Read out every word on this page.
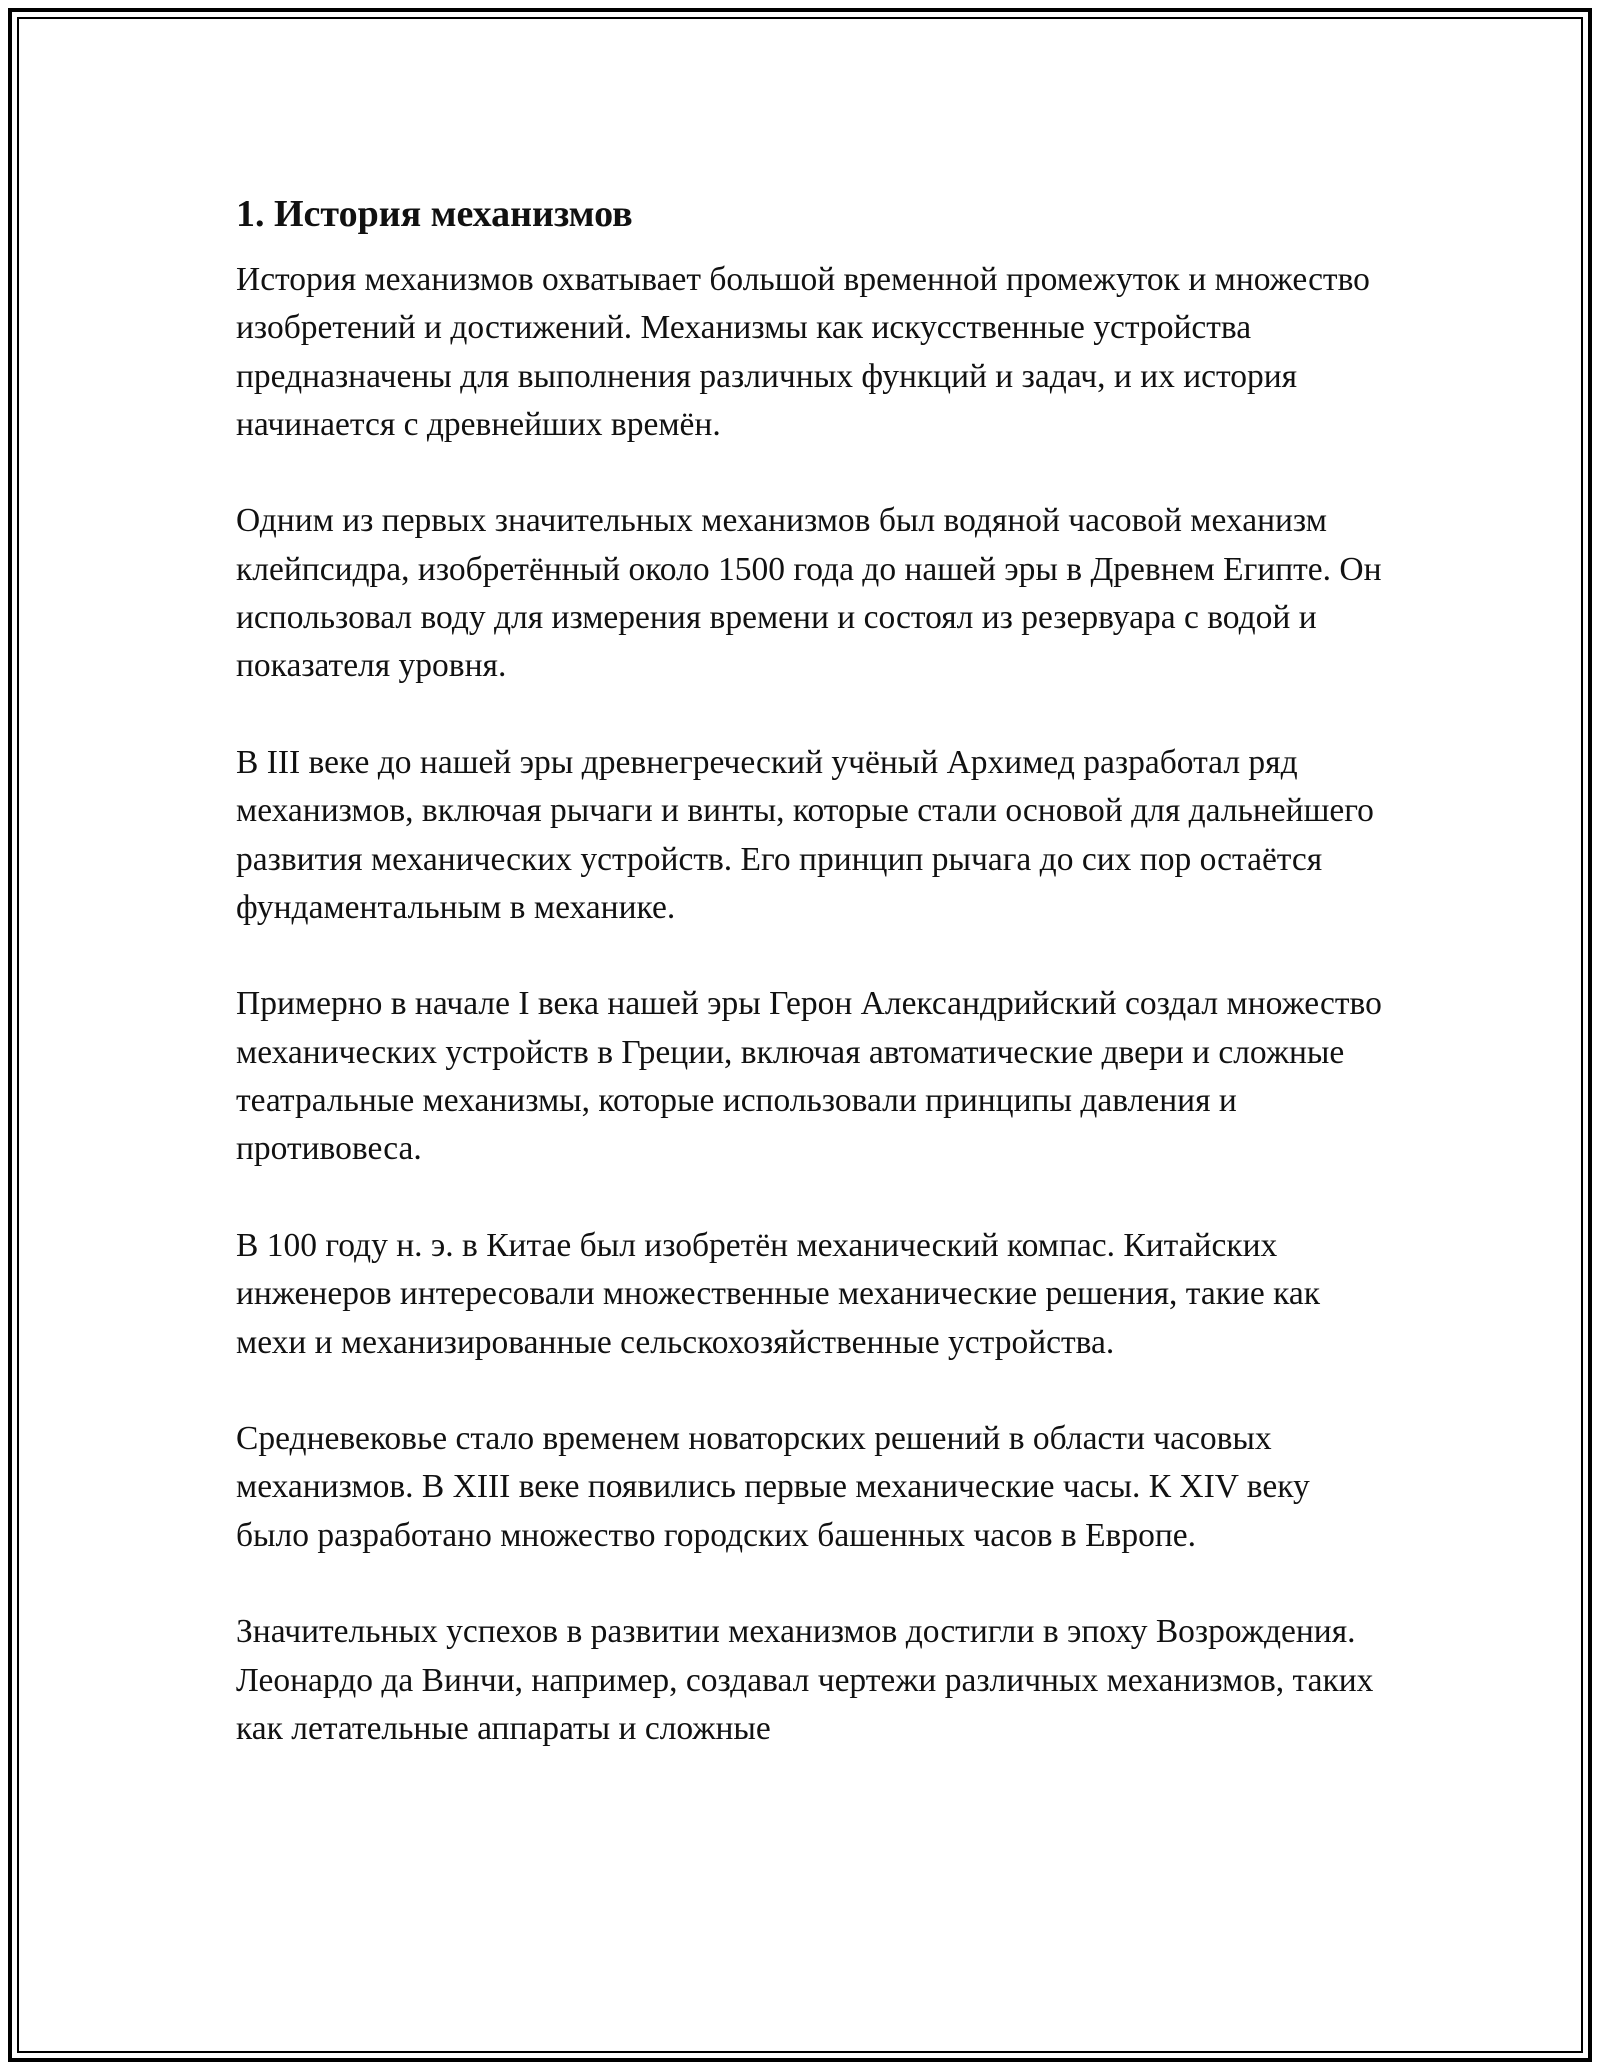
1. История механизмов

История механизмов охватывает большой временной промежуток и множество изобретений и достижений. Механизмы как искусственные устройства предназначены для выполнения различных функций и задач, и их история начинается с древнейших времён.

Одним из первых значительных механизмов был водяной часовой механизм клейпсидра, изобретённый около 1500 года до нашей эры в Древнем Египте. Он использовал воду для измерения времени и состоял из резервуара с водой и показателя уровня.

В III веке до нашей эры древнегреческий учёный Архимед разработал ряд механизмов, включая рычаги и винты, которые стали основой для дальнейшего развития механических устройств. Его принцип рычага до сих пор остаётся фундаментальным в механике.

Примерно в начале I века нашей эры Герон Александрийский создал множество механических устройств в Греции, включая автоматические двери и сложные театральные механизмы, которые использовали принципы давления и противовеса.

В 100 году н. э. в Китае был изобретён механический компас. Китайских инженеров интересовали множественные механические решения, такие как мехи и механизированные сельскохозяйственные устройства.

Средневековье стало временем новаторских решений в области часовых механизмов. В XIII веке появились первые механические часы. К XIV веку было разработано множество городских башенных часов в Европе.

Значительных успехов в развитии механизмов достигли в эпоху Возрождения. Леонардо да Винчи, например, создавал чертежи различных механизмов, таких как летательные аппараты и сложные
